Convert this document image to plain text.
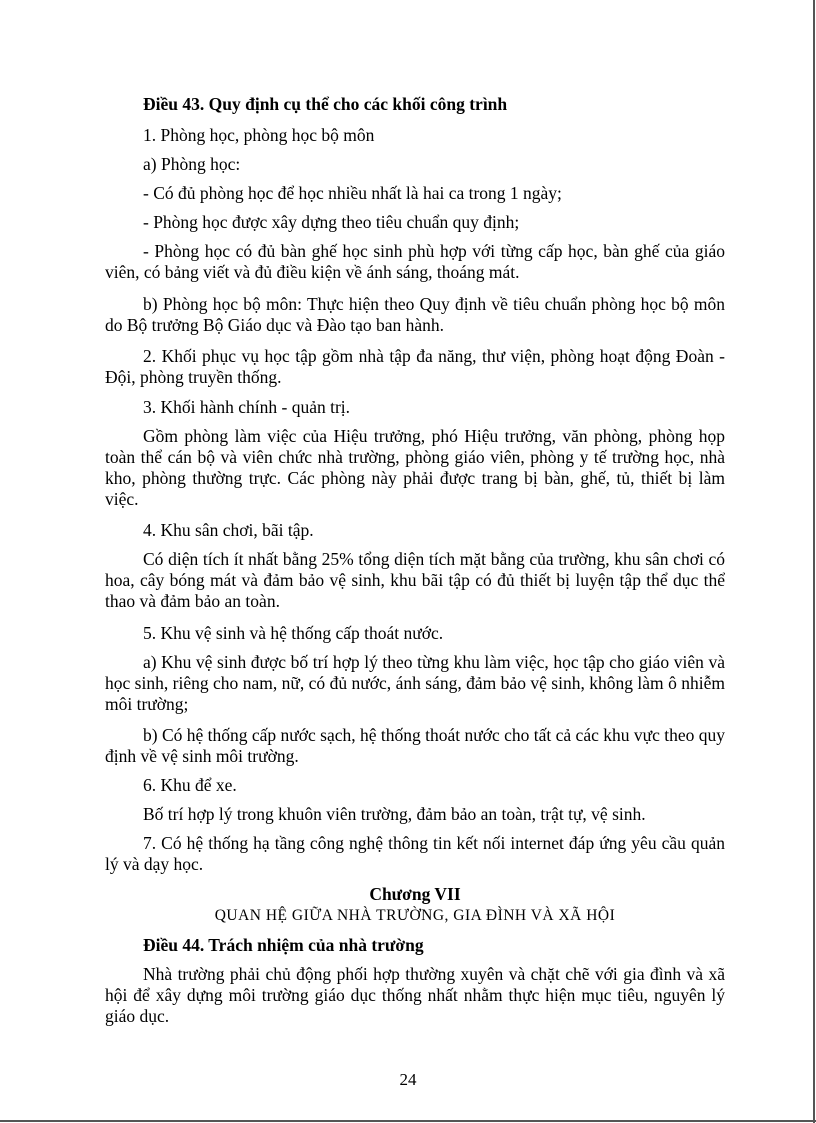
Điều 43. Quy định cụ thể cho các khối công trình

1. Phòng học, phòng học bộ môn

a) Phòng học:

- Có đủ phòng học để học nhiều nhất là hai ca trong 1 ngày;

- Phòng học được xây dựng theo tiêu chuẩn quy định;

- Phòng học có đủ bàn ghế học sinh phù hợp với từng cấp học, bàn ghế của giáo viên, có bảng viết và đủ điều kiện về ánh sáng, thoáng mát.

b) Phòng học bộ môn: Thực hiện theo Quy định về tiêu chuẩn phòng học bộ môn do Bộ trưởng Bộ Giáo dục và Đào tạo ban hành.

2. Khối phục vụ học tập gồm nhà tập đa năng, thư viện, phòng hoạt động Đoàn - Đội, phòng truyền thống.

3. Khối hành chính - quản trị.

Gồm phòng làm việc của Hiệu trưởng, phó Hiệu trưởng, văn phòng, phòng họp toàn thể cán bộ và viên chức nhà trường, phòng giáo viên, phòng y tế trường học, nhà kho, phòng thường trực. Các phòng này phải được trang bị bàn, ghế, tủ, thiết bị làm việc.

4. Khu sân chơi, bãi tập.

Có diện tích ít nhất bằng 25% tổng diện tích mặt bằng của trường, khu sân chơi có hoa, cây bóng mát và đảm bảo vệ sinh, khu bãi tập có đủ thiết bị luyện tập thể dục thể thao và đảm bảo an toàn.

5. Khu vệ sinh và hệ thống cấp thoát nước.

a) Khu vệ sinh được bố trí hợp lý theo từng khu làm việc, học tập cho giáo viên và học sinh, riêng cho nam, nữ, có đủ nước, ánh sáng, đảm bảo vệ sinh, không làm ô nhiễm môi trường;

b) Có hệ thống cấp nước sạch, hệ thống thoát nước cho tất cả các khu vực theo quy định về vệ sinh môi trường.

6. Khu để xe.

Bố trí hợp lý trong khuôn viên trường, đảm bảo an toàn, trật tự, vệ sinh.

7. Có hệ thống hạ tầng công nghệ thông tin kết nối internet đáp ứng yêu cầu quản lý và dạy học.

Chương VII

QUAN HỆ GIỮA NHÀ TRƯỜNG, GIA ĐÌNH VÀ XÃ HỘI

Điều 44. Trách nhiệm của nhà trường

Nhà trường phải chủ động phối hợp thường xuyên và chặt chẽ với gia đình và xã hội để xây dựng môi trường giáo dục thống nhất nhằm thực hiện mục tiêu, nguyên lý giáo dục.

24
